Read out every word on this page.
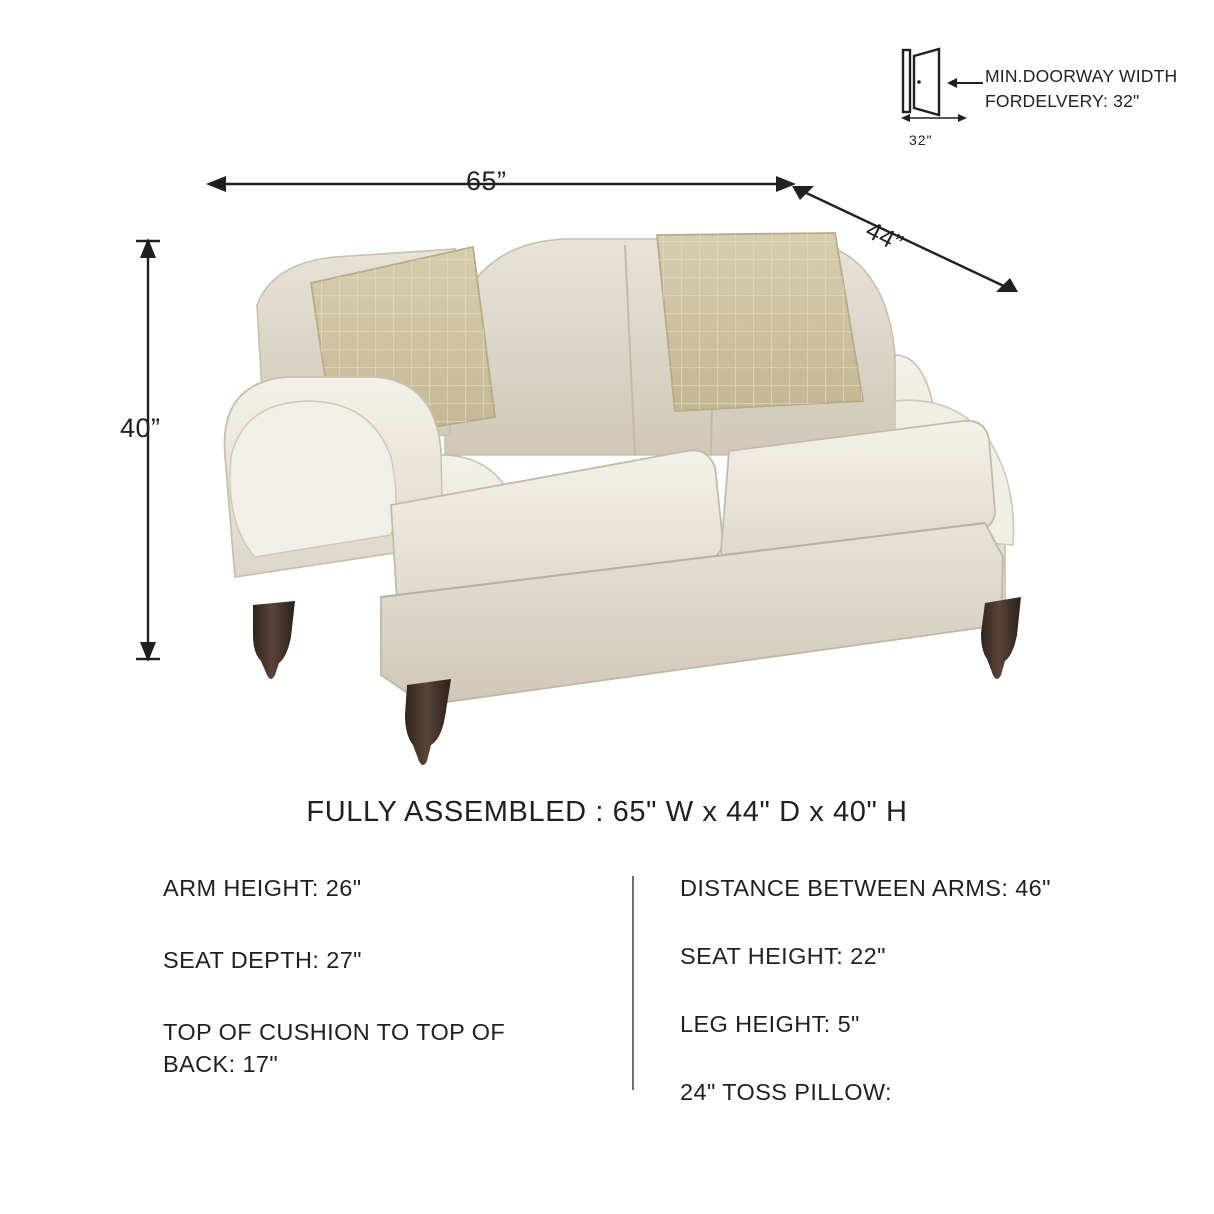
MIN.DOORWAY WIDTH
FORDELVERY: 32"
32"
65”
44”
40”
FULLY ASSEMBLED : 65" W x 44" D x 40" H
ARM HEIGHT: 26"
SEAT DEPTH: 27"
TOP OF CUSHION TO TOP OF BACK: 17"
DISTANCE BETWEEN ARMS: 46"
SEAT HEIGHT: 22"
LEG HEIGHT: 5"
24" TOSS PILLOW:
